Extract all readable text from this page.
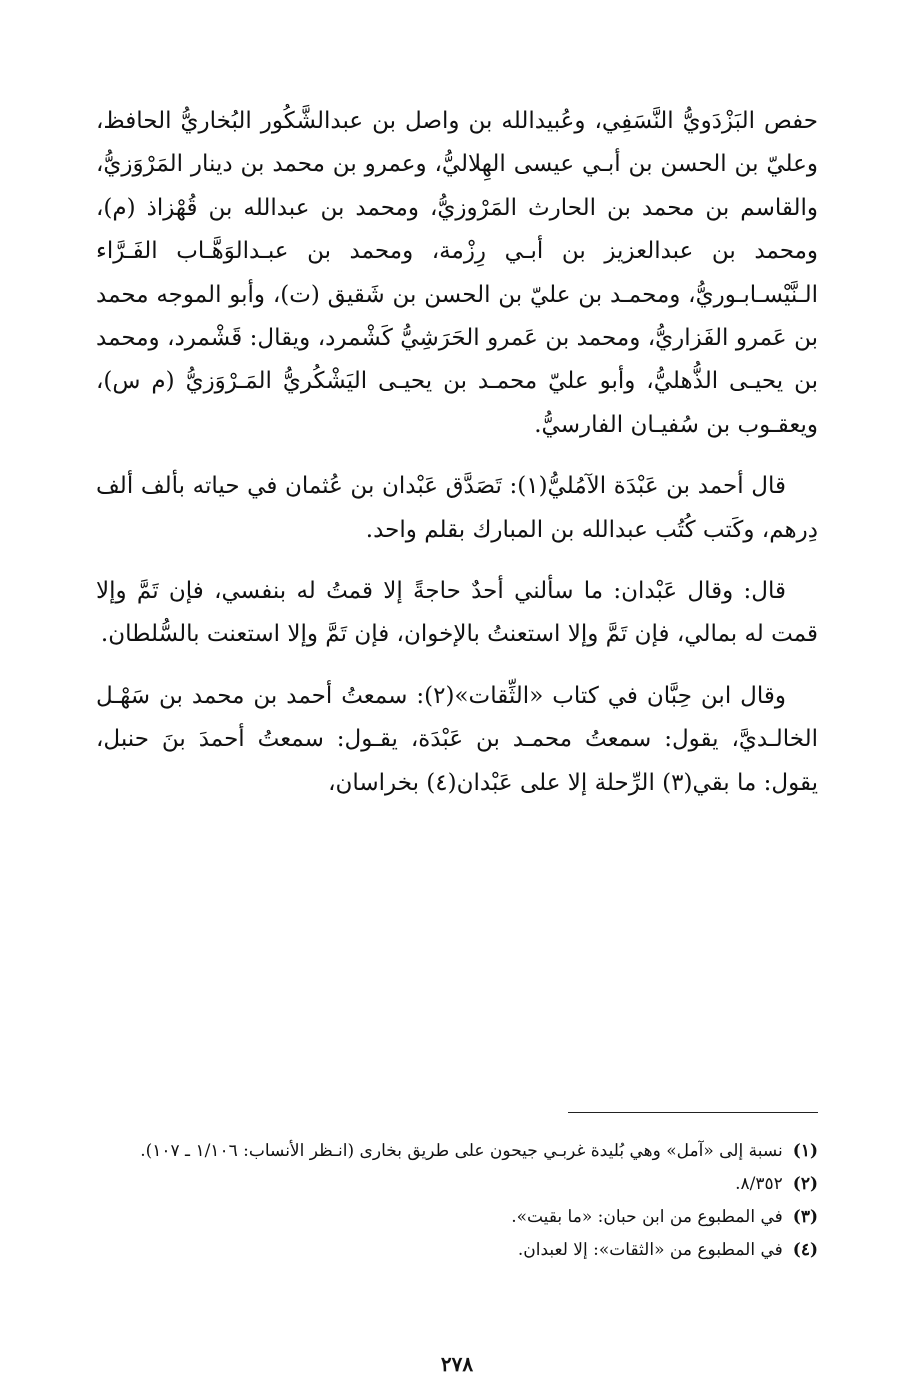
حفص البَزْدَويُّ النَّسَفِي، وعُبيدالله بن واصل بن عبدالشَّكُور البُخاريُّ الحافظ، وعليّ بن الحسن بن أبـي عيسى الهِلاليُّ، وعمرو بن محمد بن دينار المَرْوَزيُّ، والقاسم بن محمد بن الحارث المَرْوزيُّ، ومحمد بن عبدالله بن قُهْزاذ (م)، ومحمد بن عبدالعزيز بن أبـي رِزْمة، ومحمد بن عبـدالوَهَّـاب الفَـرَّاء الـنَّيْسـابـوريُّ، ومحمـد بن عليّ بن الحسن بن شَقيق (ت)، وأبو الموجه محمد بن عَمرو الفَزاريُّ، ومحمد بن عَمرو الحَرَشِيُّ كَشْمرد، ويقال: قَشْمرد، ومحمد بن يحيـى الذُّهليُّ، وأبو عليّ محمـد بن يحيـى اليَشْكُريُّ المَـرْوَزيُّ (م س)، ويعقـوب بن سُفيـان الفارسيُّ.

قال أحمد بن عَبْدَة الآمُليُّ(١): تَصَدَّق عَبْدان بن عُثمان في حياته بألف ألف دِرهم، وكَتب كُتُب عبدالله بن المبارك بقلم واحد.

قال: وقال عَبْدان: ما سألني أحدٌ حاجةً إلا قمتُ له بنفسي، فإن تَمَّ وإلا قمت له بمالي، فإن تَمَّ وإلا استعنتُ بالإخوان، فإن تَمَّ وإلا استعنت بالسُّلطان.

وقال ابن حِبَّان في كتاب «الثِّقات»(٢): سمعتُ أحمد بن محمد بن سَهْـل الخالـديَّ، يقول: سمعتُ محمـد بن عَبْدَة، يقـول: سمعتُ أحمدَ بنَ حنبل، يقول: ما بقي(٣) الرِّحلة إلا على عَبْدان(٤) بخراسان،

(١)
نسبة إلى «آمل» وهي بُليدة غربـي جيحون على طريق بخارى (انـظر الأنساب: ١/١٠٦ ـ ١٠٧).
(٢)
٨/٣٥٢.
(٣)
في المطبوع من ابن حبان: «ما بقيت».
(٤)
في المطبوع من «الثقات»: إلا لعبدان.
٢٧٨
